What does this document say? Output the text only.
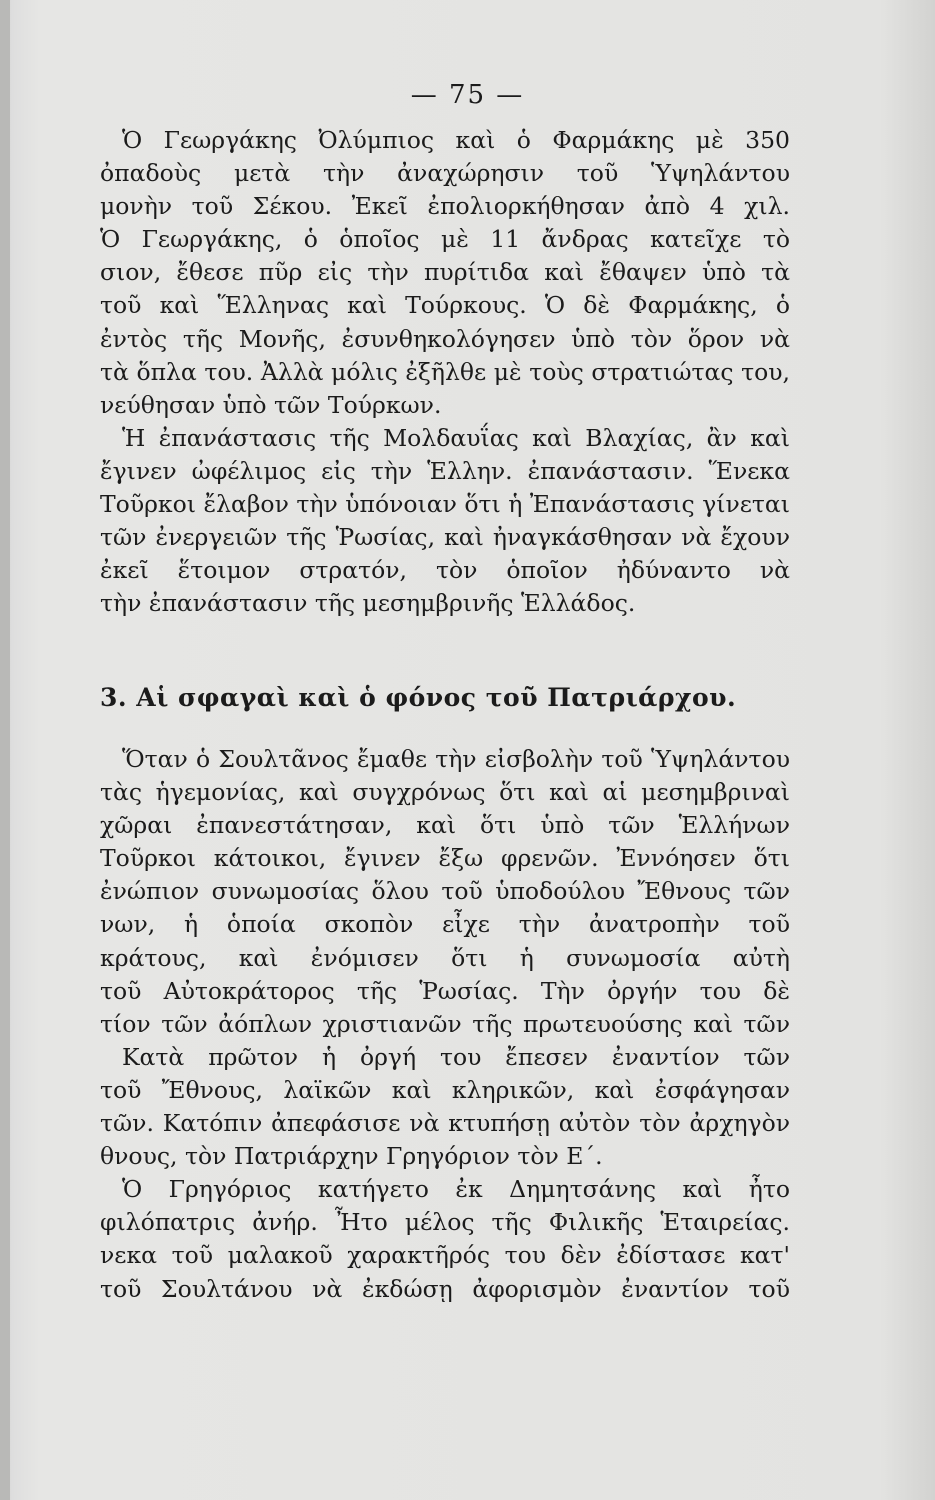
— 75 —
Ὁ Γεωργάκης Ὀλύμπιος καὶ ὁ Φαρμάκης μὲ 350
ὀπαδοὺς μετὰ τὴν ἀναχώρησιν τοῦ Ὑψηλάντου
μονὴν τοῦ Σέκου. Ἐκεῖ ἐπολιορκήθησαν ἀπὸ 4 χιλ.
Ὁ Γεωργάκης, ὁ ὁποῖος μὲ 11 ἄνδρας κατεῖχε τὸ
σιον, ἔθεσε πῦρ εἰς τὴν πυρίτιδα καὶ ἔθαψεν ὑπὸ τὰ
τοῦ καὶ Ἕλληνας καὶ Τούρκους. Ὁ δὲ Φαρμάκης, ὁ
ἐντὸς τῆς Μονῆς, ἐσυνθηκολόγησεν ὑπὸ τὸν ὅρον νὰ
τὰ ὅπλα του. Ἀλλὰ μόλις ἐξῆλθε μὲ τοὺς στρατιώτας του,
νεύθησαν ὑπὸ τῶν Τούρκων.
Ἡ ἐπανάστασις τῆς Μολδαυΐας καὶ Βλαχίας, ἂν καὶ
ἔγινεν ὠφέλιμος εἰς τὴν Ἑλλην. ἐπανάστασιν. Ἕνεκα
Τοῦρκοι ἔλαβον τὴν ὑπόνοιαν ὅτι ἡ Ἐπανάστασις γίνεται
τῶν ἐνεργειῶν τῆς Ῥωσίας, καὶ ἠναγκάσθησαν νὰ ἔχουν
ἐκεῖ ἕτοιμον στρατόν, τὸν ὁποῖον ἠδύναντο νὰ
τὴν ἐπανάστασιν τῆς μεσημβρινῆς Ἑλλάδος.
3. Αἱ σφαγαὶ καὶ ὁ φόνος τοῦ Πατριάρχου.
Ὅταν ὁ Σουλτᾶνος ἔμαθε τὴν εἰσβολὴν τοῦ Ὑψηλάντου
τὰς ἡγεμονίας, καὶ συγχρόνως ὅτι καὶ αἱ μεσημβριναὶ
χῶραι ἐπανεστάτησαν, καὶ ὅτι ὑπὸ τῶν Ἑλλήνων
Τοῦρκοι κάτοικοι, ἔγινεν ἔξω φρενῶν. Ἐννόησεν ὅτι
ἐνώπιον συνωμοσίας ὅλου τοῦ ὑποδούλου Ἔθνους τῶν
νων, ἡ ὁποία σκοπὸν εἶχε τὴν ἀνατροπὴν τοῦ
κράτους, καὶ ἐνόμισεν ὅτι ἡ συνωμοσία αὐτὴ
τοῦ Αὐτοκράτορος τῆς Ῥωσίας. Τὴν ὀργήν του δὲ
τίον τῶν ἀόπλων χριστιανῶν τῆς πρωτευούσης καὶ τῶν
Κατὰ πρῶτον ἡ ὀργή του ἔπεσεν ἐναντίον τῶν
τοῦ Ἔθνους, λαϊκῶν καὶ κληρικῶν, καὶ ἐσφάγησαν
τῶν. Κατόπιν ἀπεφάσισε νὰ κτυπήσῃ αὐτὸν τὸν ἀρχηγὸν
θνους, τὸν Πατριάρχην Γρηγόριον τὸν Ε΄.
Ὁ Γρηγόριος κατήγετο ἐκ Δημητσάνης καὶ ἦτο
φιλόπατρις ἀνήρ. Ἦτο μέλος τῆς Φιλικῆς Ἑταιρείας.
νεκα τοῦ μαλακοῦ χαρακτῆρός του δὲν ἐδίστασε κατ'
τοῦ Σουλτάνου νὰ ἐκδώσῃ ἀφορισμὸν ἐναντίον τοῦ
